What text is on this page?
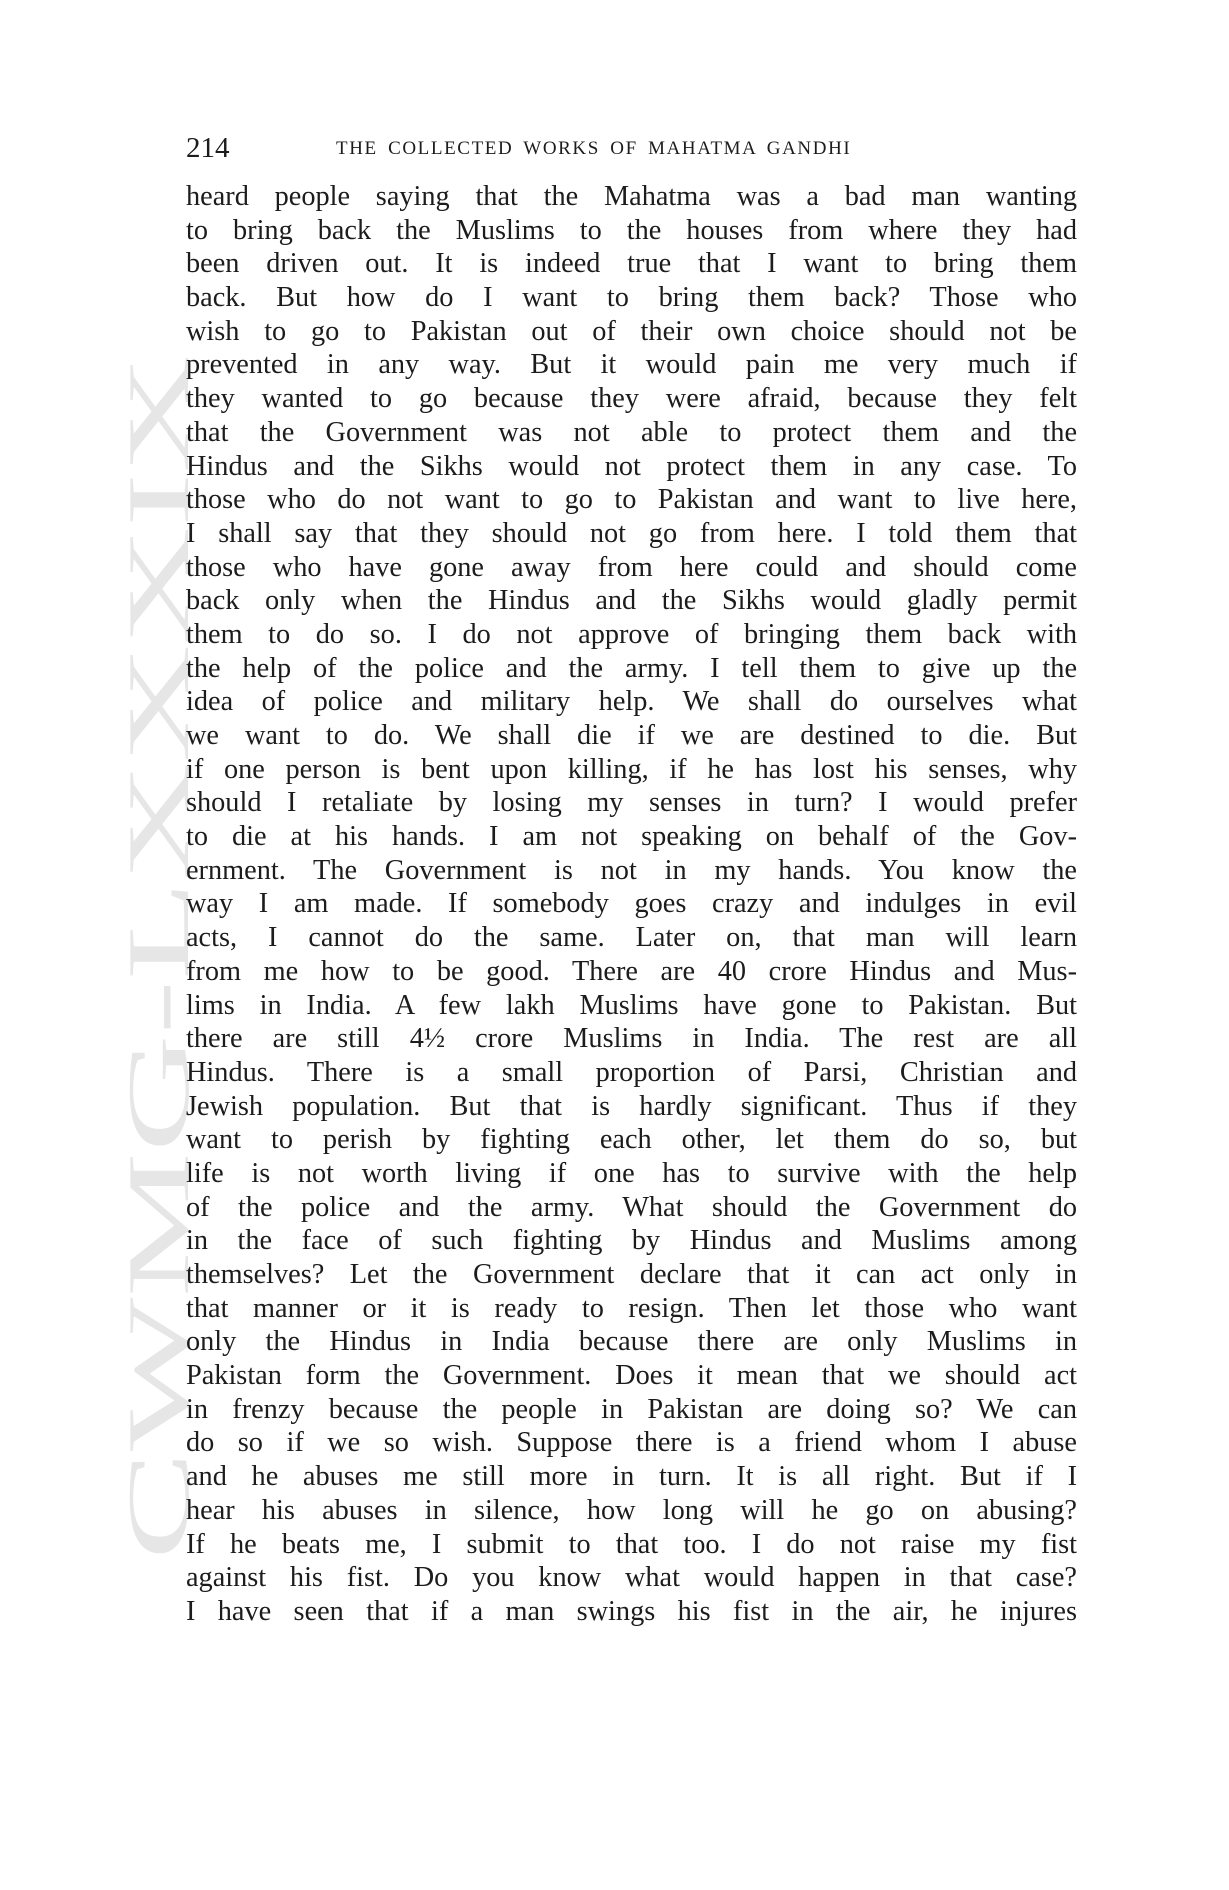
CWMG-LXXXIX
214	THE COLLECTED WORKS OF MAHATMA GANDHI
heard people saying that the Mahatma was a bad man wanting
to bring back the Muslims to the houses from where they had
been driven out. It is indeed true that I want to bring them
back. But how do I want to bring them back? Those who
wish to go to Pakistan out of their own choice should not be
prevented in any way. But it would pain me very much if
they wanted to go because they were afraid, because they felt
that the Government was not able to protect them and the
Hindus and the Sikhs would not protect them in any case. To
those who do not want to go to Pakistan and want to live here,
I shall say that they should not go from here. I told them that
those who have gone away from here could and should come
back only when the Hindus and the Sikhs would gladly permit
them to do so. I do not approve of bringing them back with
the help of the police and the army. I tell them to give up the
idea of police and military help. We shall do ourselves what
we want to do. We shall die if we are destined to die. But
if one person is bent upon killing, if he has lost his senses, why
should I retaliate by losing my senses in turn? I would prefer
to die at his hands. I am not speaking on behalf of the Gov-
ernment. The Government is not in my hands. You know the
way I am made. If somebody goes crazy and indulges in evil
acts, I cannot do the same. Later on, that man will learn
from me how to be good. There are 40 crore Hindus and Mus-
lims in India. A few lakh Muslims have gone to Pakistan. But
there are still 4½ crore Muslims in India. The rest are all
Hindus. There is a small proportion of Parsi, Christian and
Jewish population. But that is hardly significant. Thus if they
want to perish by fighting each other, let them do so, but
life is not worth living if one has to survive with the help
of the police and the army. What should the Government do
in the face of such fighting by Hindus and Muslims among
themselves? Let the Government declare that it can act only in
that manner or it is ready to resign. Then let those who want
only the Hindus in India because there are only Muslims in
Pakistan form the Government. Does it mean that we should act
in frenzy because the people in Pakistan are doing so? We can
do so if we so wish. Suppose there is a friend whom I abuse
and he abuses me still more in turn. It is all right. But if I
hear his abuses in silence, how long will he go on abusing?
If he beats me, I submit to that too. I do not raise my fist
against his fist. Do you know what would happen in that case?
I have seen that if a man swings his fist in the air, he injures
